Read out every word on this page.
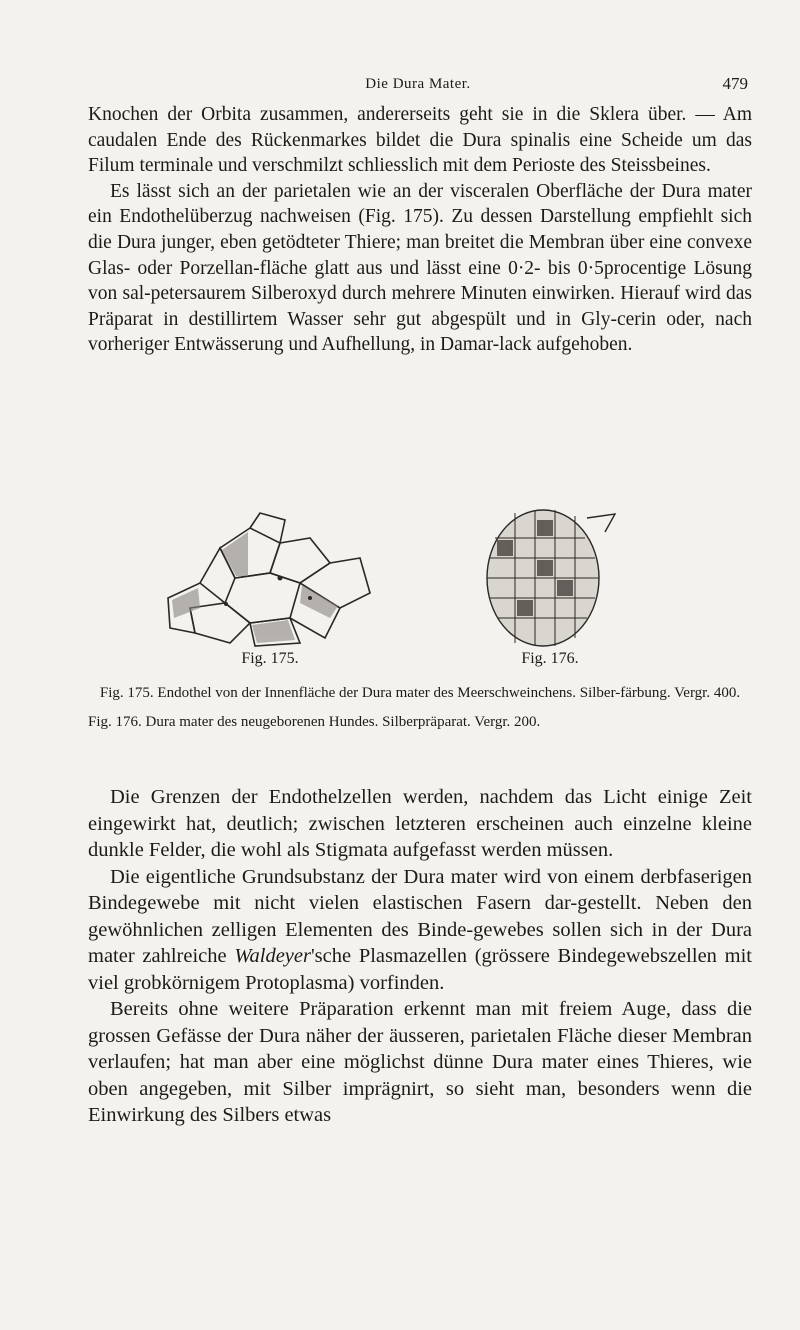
Die Dura Mater.	479

Knochen der Orbita zusammen, andererseits geht sie in die Sklera über. — Am caudalen Ende des Rückenmarkes bildet die Dura spinalis eine Scheide um das Filum terminale und verschmilzt schliesslich mit dem Perioste des Steissbeines.

Es lässt sich an der parietalen wie an der visceralen Oberfläche der Dura mater ein Endothelüberzug nachweisen (Fig. 175). Zu dessen Darstellung empfiehlt sich die Dura junger, eben getödteter Thiere; man breitet die Membran über eine convexe Glas- oder Porzellan-fläche glatt aus und lässt eine 0·2- bis 0·5procentige Lösung von sal-petersaurem Silberoxyd durch mehrere Minuten einwirken. Hierauf wird das Präparat in destillirtem Wasser sehr gut abgespült und in Gly-cerin oder, nach vorheriger Entwässerung und Aufhellung, in Damar-lack aufgehoben.

Fig. 175.	Fig. 176.

Fig. 175. Endothel von der Innenfläche der Dura mater des Meerschweinchens. Silber-färbung. Vergr. 400.

Fig. 176. Dura mater des neugeborenen Hundes. Silberpräparat. Vergr. 200.

Die Grenzen der Endothelzellen werden, nachdem das Licht einige Zeit eingewirkt hat, deutlich; zwischen letzteren erscheinen auch einzelne kleine dunkle Felder, die wohl als Stigmata aufgefasst werden müssen.

Die eigentliche Grundsubstanz der Dura mater wird von einem derbfaserigen Bindegewebe mit nicht vielen elastischen Fasern dar-gestellt. Neben den gewöhnlichen zelligen Elementen des Binde-gewebes sollen sich in der Dura mater zahlreiche Waldeyer'sche Plasmazellen (grössere Bindegewebszellen mit viel grobkörnigem Protoplasma) vorfinden.

Bereits ohne weitere Präparation erkennt man mit freiem Auge, dass die grossen Gefässe der Dura näher der äusseren, parietalen Fläche dieser Membran verlaufen; hat man aber eine möglichst dünne Dura mater eines Thieres, wie oben angegeben, mit Silber imprägnirt, so sieht man, besonders wenn die Einwirkung des Silbers etwas
